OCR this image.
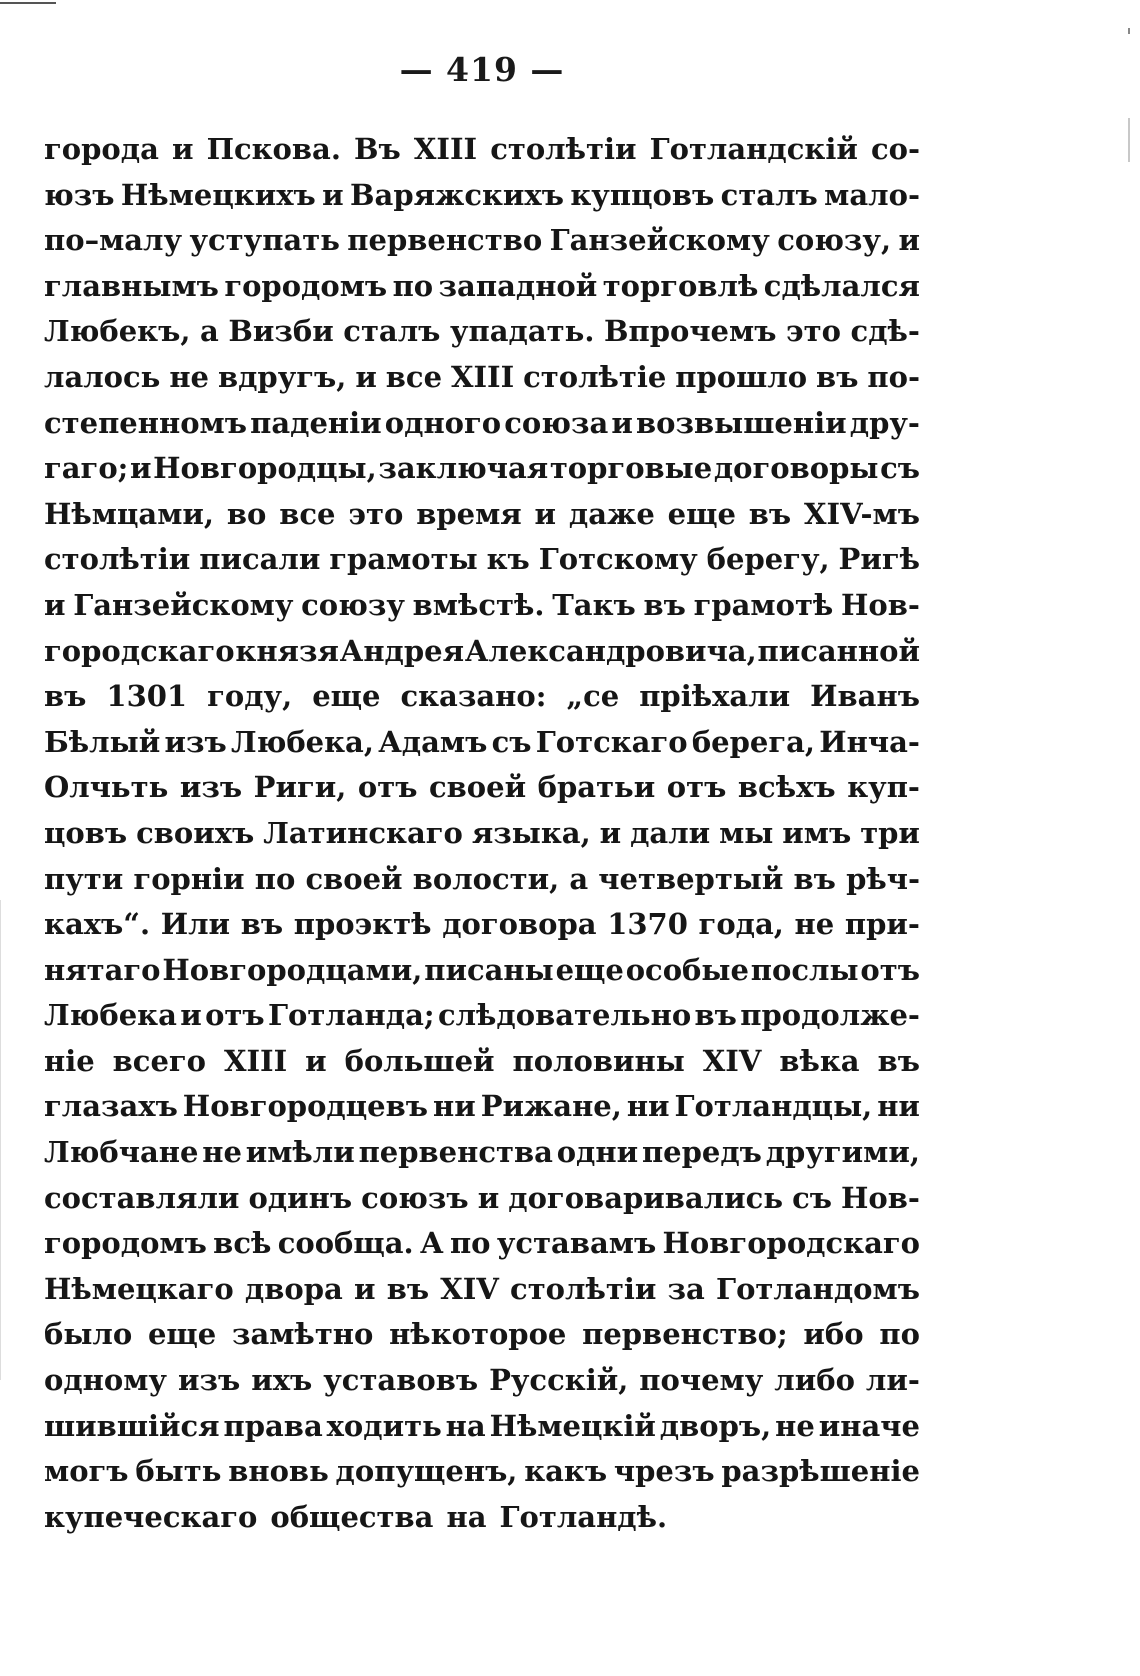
— 419 —
города и Пскова. Въ XIII столѣтіи Готландскій со-
юзъ Нѣмецкихъ и Варяжскихъ купцовъ сталъ мало-
по–малу уступать первенство Ганзейскому союзу, и
главнымъ городомъ по западной торговлѣ сдѣлался
Любекъ, а Визби сталъ упадать. Впрочемъ это сдѣ-
лалось не вдругъ, и все XIII столѣтіе прошло въ по-
степенномъ паденіи одного союза и возвышеніи дру-
гаго; и Новгородцы, заключая торговые договоры съ
Нѣмцами, во все это время и даже еще въ XIV-мъ
столѣтіи писали грамоты къ Готскому берегу, Ригѣ
и Ганзейскому союзу вмѣстѣ. Такъ въ грамотѣ Нов-
городскаго князя Андрея Александровича, писанной
въ 1301 году, еще сказано: „се пріѣхали Иванъ
Бѣлый изъ Любека, Адамъ съ Готскаго берега, Инча-
Олчьть изъ Риги, отъ своей братьи отъ всѣхъ куп-
цовъ своихъ Латинскаго языка, и дали мы имъ три
пути горніи по своей волости, а четвертый въ рѣч-
кахъ“. Или въ проэктѣ договора 1370 года, не при-
нятаго Новгородцами, писаны еще особые послы отъ
Любека и отъ Готланда; слѣдовательно въ продолже-
ніе всего XIII и большей половины XIV вѣка въ
глазахъ Новгородцевъ ни Рижане, ни Готландцы, ни
Любчане не имѣли первенства одни передъ другими,
составляли одинъ союзъ и договаривались съ Нов-
городомъ всѣ сообща. А по уставамъ Новгородскаго
Нѣмецкаго двора и въ XIV столѣтіи за Готландомъ
было еще замѣтно нѣкоторое первенство; ибо по
одному изъ ихъ уставовъ Русскій, почему либо ли-
шившійся права ходить на Нѣмецкій дворъ, не иначе
могъ быть вновь допущенъ, какъ чрезъ разрѣшеніе
купеческаго общества на Готландѣ.
